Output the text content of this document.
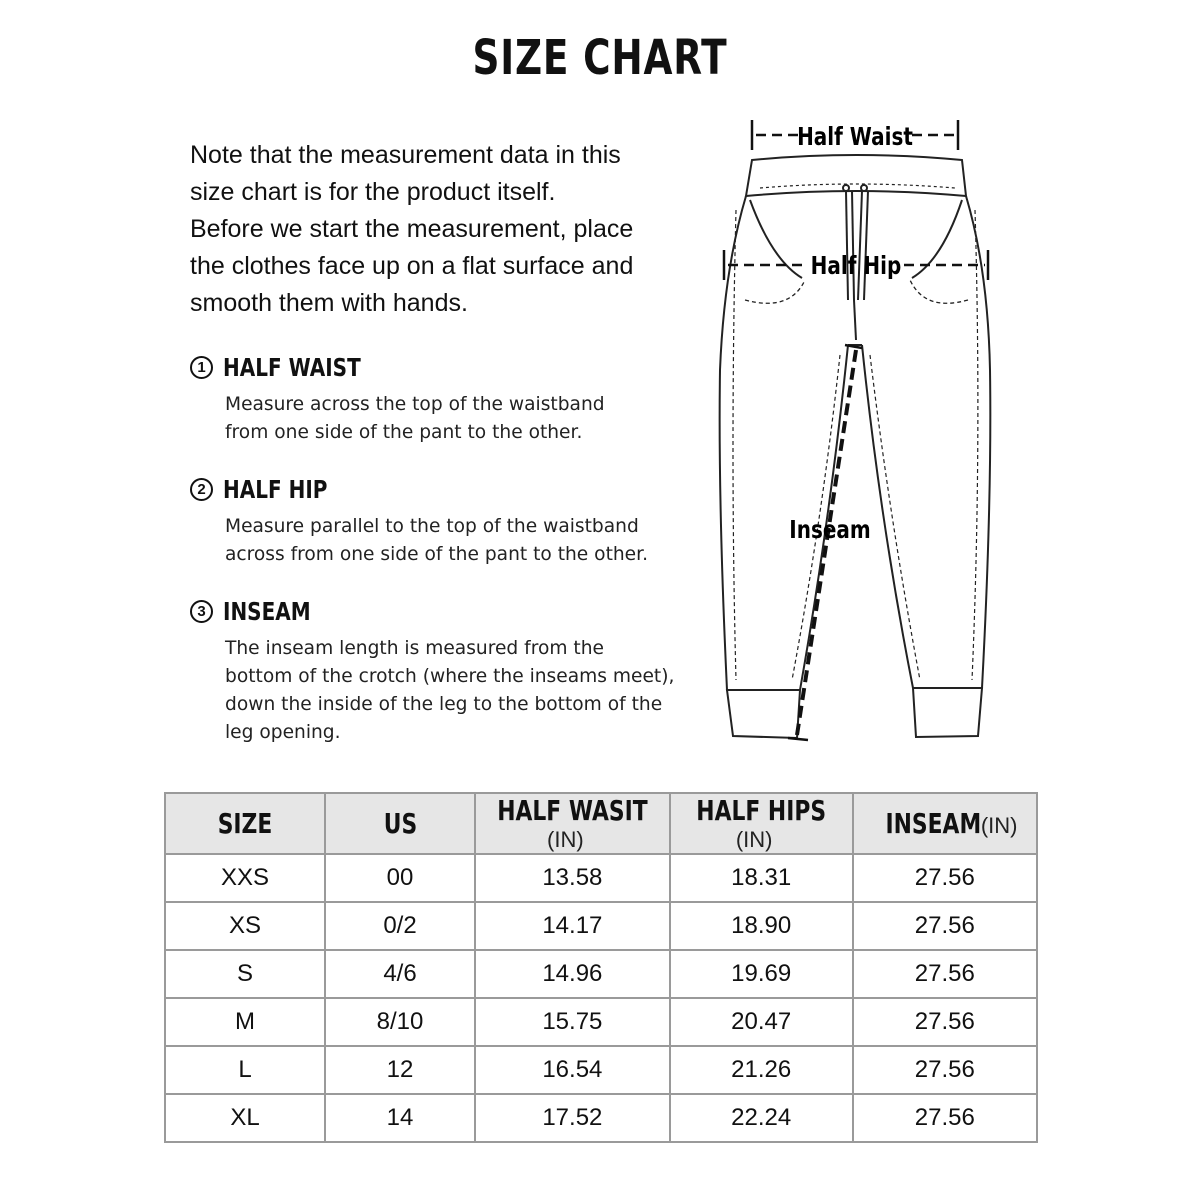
SIZE CHART
Note that the measurement data in this
size chart is for the product itself.
Before we start the measurement, place
the clothes face up on a flat surface and
smooth them with hands.
1 HALF WAIST
Measure across the top of the waistband
from one side of the pant to the other.
2 HALF HIP
Measure parallel to the top of the waistband
across from one side of the pant to the other.
3 INSEAM
The inseam length is measured from the
bottom of the crotch (where the inseams meet),
down the inside of the leg to the bottom of the
leg opening.
Half Waist
Half Hip
Inseam
SIZE	US	HALF WASIT(IN)	HALF HIPS(IN)	INSEAM(IN)
XXS	00	13.58	18.31	27.56
XS	0/2	14.17	18.90	27.56
S	4/6	14.96	19.69	27.56
M	8/10	15.75	20.47	27.56
L	12	16.54	21.26	27.56
XL	14	17.52	22.24	27.56
